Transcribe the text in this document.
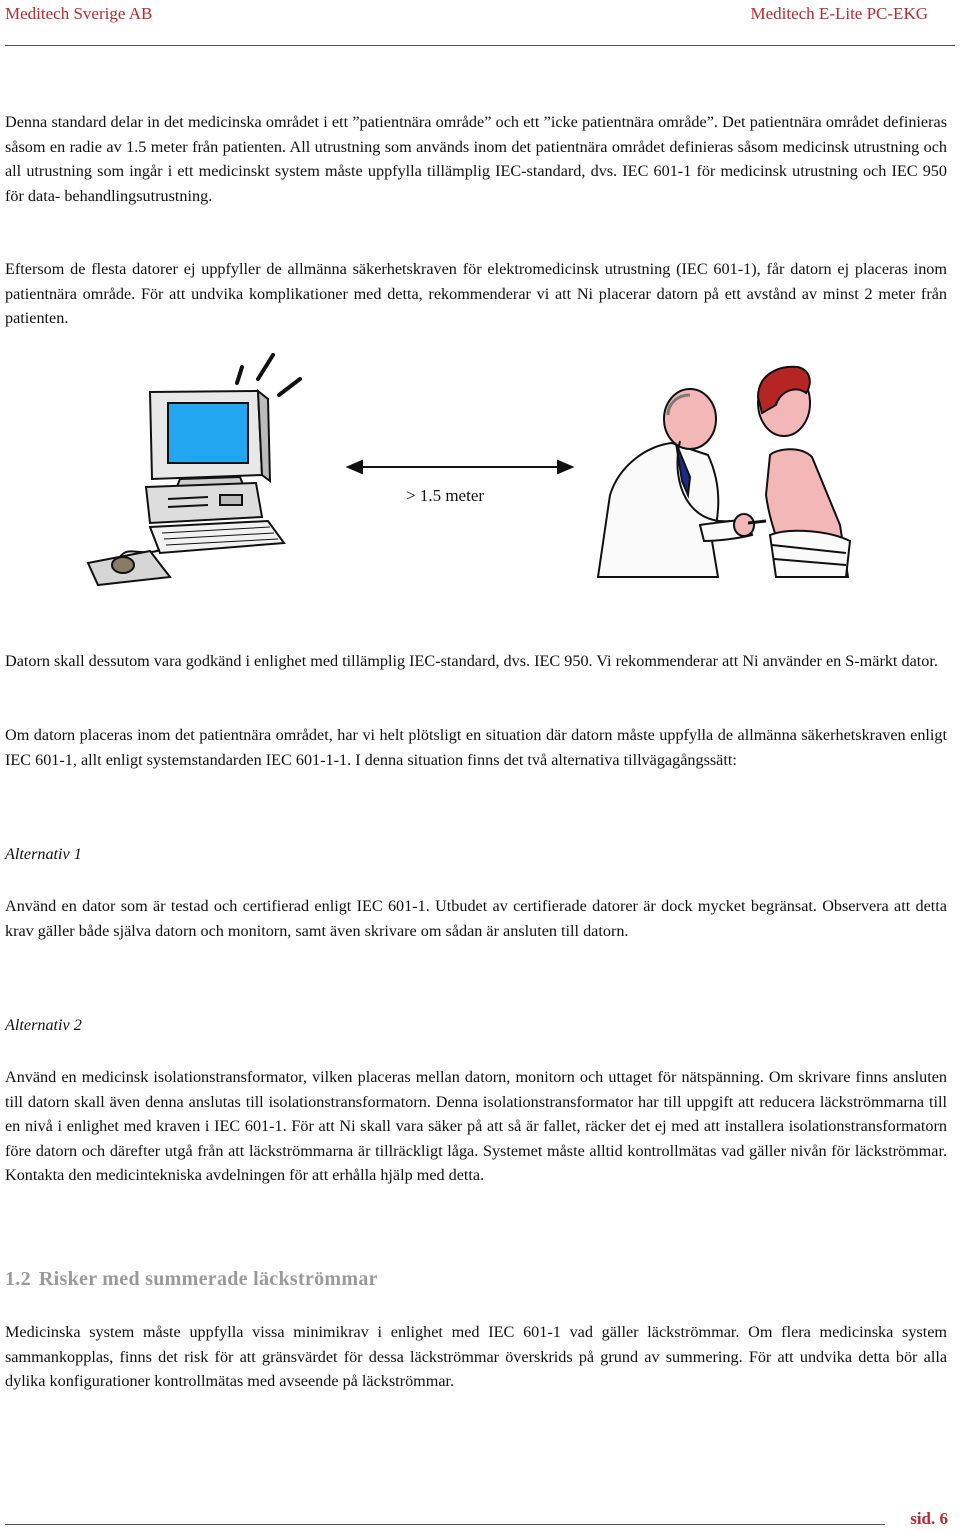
Meditech Sverige AB	Meditech E-Lite PC-EKG

Denna standard delar in det medicinska området i ett ”patientnära område” och ett ”icke patientnära område”. Det patientnära området definieras såsom en radie av 1.5 meter från patienten. All utrustning som används inom det patientnära området definieras såsom medicinsk utrustning och all utrustning som ingår i ett medicinskt system måste uppfylla tillämplig IEC-standard, dvs. IEC 601-1 för medicinsk utrustning och IEC 950 för data- behandlingsutrustning.

Eftersom de flesta datorer ej uppfyller de allmänna säkerhetskraven för elektromedicinsk utrustning (IEC 601-1), får datorn ej placeras inom patientnära område. För att undvika komplikationer med detta, rekommenderar vi att Ni placerar datorn på ett avstånd av minst 2 meter från patienten.

> 1.5 meter

Datorn skall dessutom vara godkänd i enlighet med tillämplig IEC-standard, dvs. IEC 950. Vi rekommenderar att Ni använder en S-märkt dator.

Om datorn placeras inom det patientnära området, har vi helt plötsligt en situation där datorn måste uppfylla de allmänna säkerhetskraven enligt IEC 601-1, allt enligt systemstandarden IEC 601-1-1. I denna situation finns det två alternativa tillvägagångssätt:

Alternativ 1

Använd en dator som är testad och certifierad enligt IEC 601-1. Utbudet av certifierade datorer är dock mycket begränsat. Observera att detta krav gäller både själva datorn och monitorn, samt även skrivare om sådan är ansluten till datorn.

Alternativ 2

Använd en medicinsk isolationstransformator, vilken placeras mellan datorn, monitorn och uttaget för nätspänning. Om skrivare finns ansluten till datorn skall även denna anslutas till isolationstransformatorn. Denna isolationstransformator har till uppgift att reducera läckströmmarna till en nivå i enlighet med kraven i IEC 601-1. För att Ni skall vara säker på att så är fallet, räcker det ej med att installera isolationstransformatorn före datorn och därefter utgå från att läckströmmarna är tillräckligt låga. Systemet måste alltid kontrollmätas vad gäller nivån för läckströmmar. Kontakta den medicintekniska avdelningen för att erhålla hjälp med detta.

1.2 Risker med summerade läckströmmar

Medicinska system måste uppfylla vissa minimikrav i enlighet med IEC 601-1 vad gäller läckströmmar. Om flera medicinska system sammankopplas, finns det risk för att gränsvärdet för dessa läckströmmar överskrids på grund av summering. För att undvika detta bör alla dylika konfigurationer kontrollmätas med avseende på läckströmmar.

sid. 6
